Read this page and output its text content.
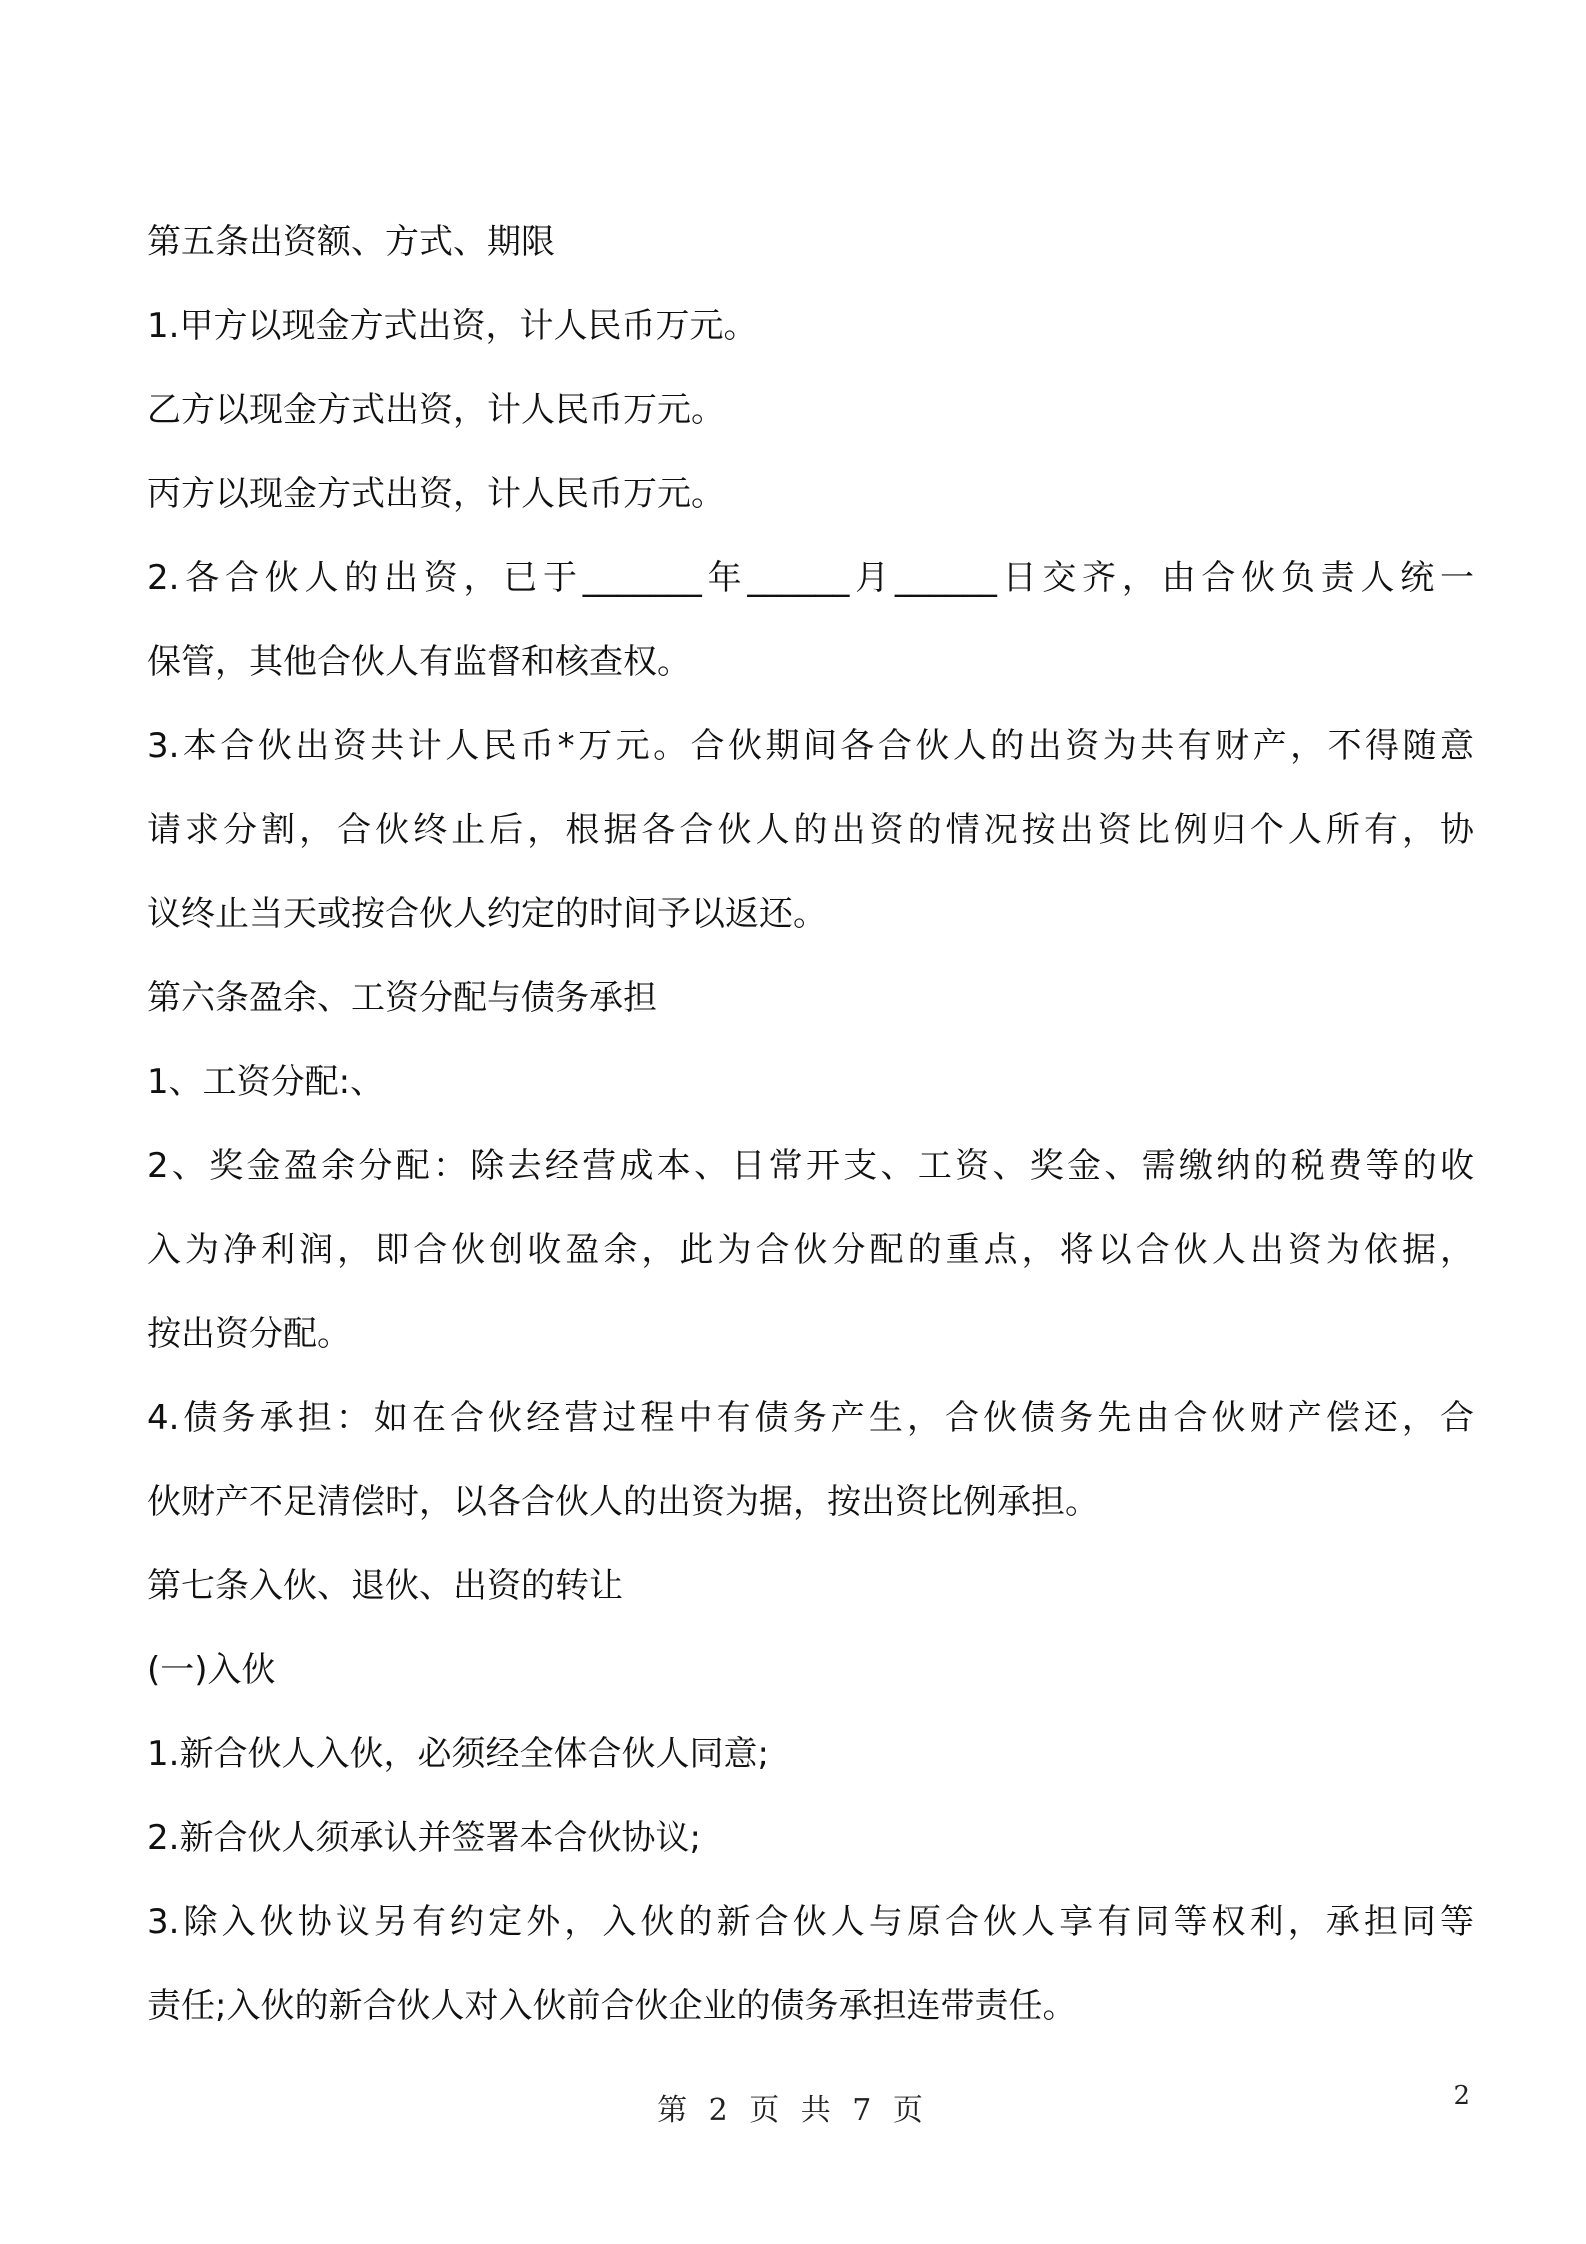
第五条出资额、方式、期限
1.甲方以现金方式出资，计人民币万元。
乙方以现金方式出资，计人民币万元。
丙方以现金方式出资，计人民币万元。
2.各合伙人的出资，已于_______年______月______日交齐，由合伙负责人统一
保管，其他合伙人有监督和核查权。
3.本合伙出资共计人民币*万元。合伙期间各合伙人的出资为共有财产，不得随意
请求分割，合伙终止后，根据各合伙人的出资的情况按出资比例归个人所有，协
议终止当天或按合伙人约定的时间予以返还。
第六条盈余、工资分配与债务承担
1、工资分配:、
2、奖金盈余分配：除去经营成本、日常开支、工资、奖金、需缴纳的税费等的收
入为净利润，即合伙创收盈余，此为合伙分配的重点，将以合伙人出资为依据，
按出资分配。
4.债务承担：如在合伙经营过程中有债务产生，合伙债务先由合伙财产偿还，合
伙财产不足清偿时，以各合伙人的出资为据，按出资比例承担。
第七条入伙、退伙、出资的转让
(一)入伙
1.新合伙人入伙，必须经全体合伙人同意;
2.新合伙人须承认并签署本合伙协议;
3.除入伙协议另有约定外，入伙的新合伙人与原合伙人享有同等权利，承担同等
责任;入伙的新合伙人对入伙前合伙企业的债务承担连带责任。
第 2 页 共 7 页	2
